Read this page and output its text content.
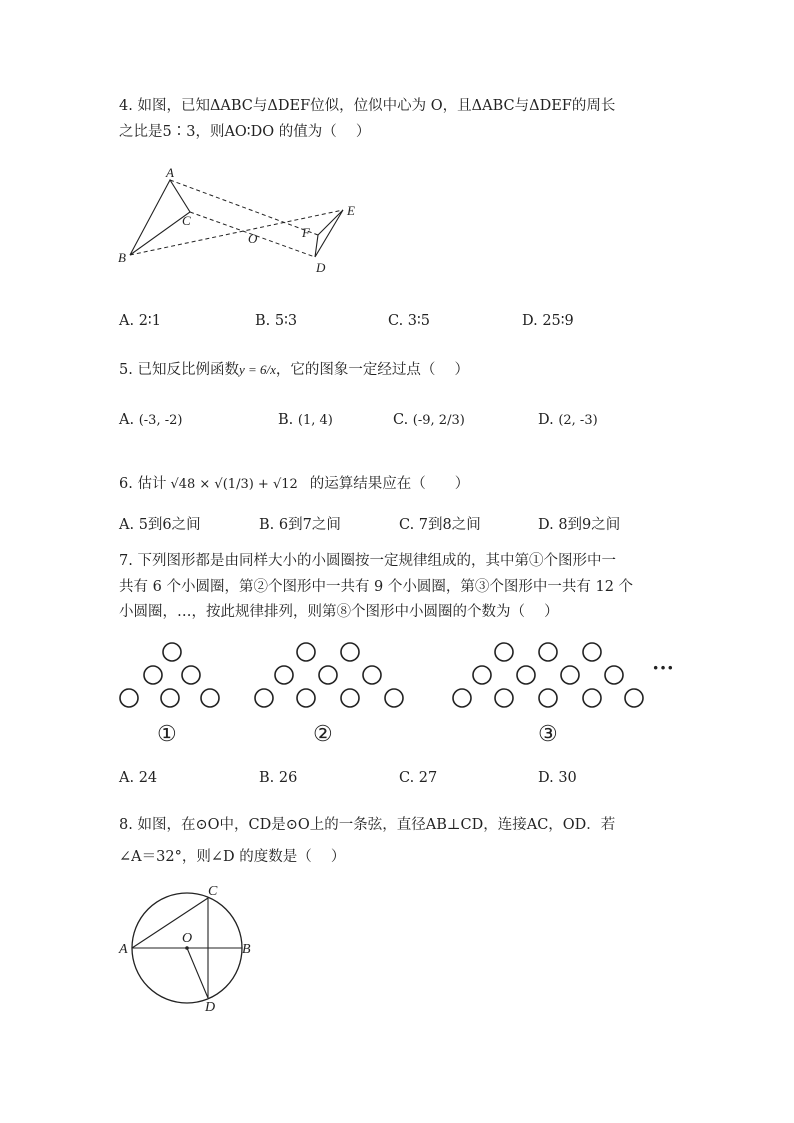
4. 如图，已知ΔABC与ΔDEF位似，位似中心为 O，且ΔABC与ΔDEF的周长
之比是5∶3，则AO∶DO 的值为（　 ）
A
B
C
O
E
F
D
A. 2∶1	B. 5∶3	C. 3∶5	D. 25∶9
5. 已知反比例函数y = 6/x，它的图象一定经过点（　 ）
A. (-3, -2)	B. (1, 4)	C. (-9, 2/3)	D. (2, -3)
6. 估计 √48 × √(1/3) + √12 的运算结果应在（　　）
A. 5到6之间	B. 6到7之间	C. 7到8之间	D. 8到9之间
7. 下列图形都是由同样大小的小圆圈按一定规律组成的，其中第①个图形中一
共有 6 个小圆圈，第②个图形中一共有 9 个小圆圈，第③个图形中一共有 12 个
小圆圈，…，按此规律排列，则第⑧个图形中小圆圈的个数为（　 ）
···
①	②	③
A. 24	B. 26	C. 27	D. 30
8. 如图，在⊙O中，CD是⊙O上的一条弦，直径AB⊥CD，连接AC，OD．若
∠A＝32°，则∠D 的度数是（　 ）
A	B
C
O
D
